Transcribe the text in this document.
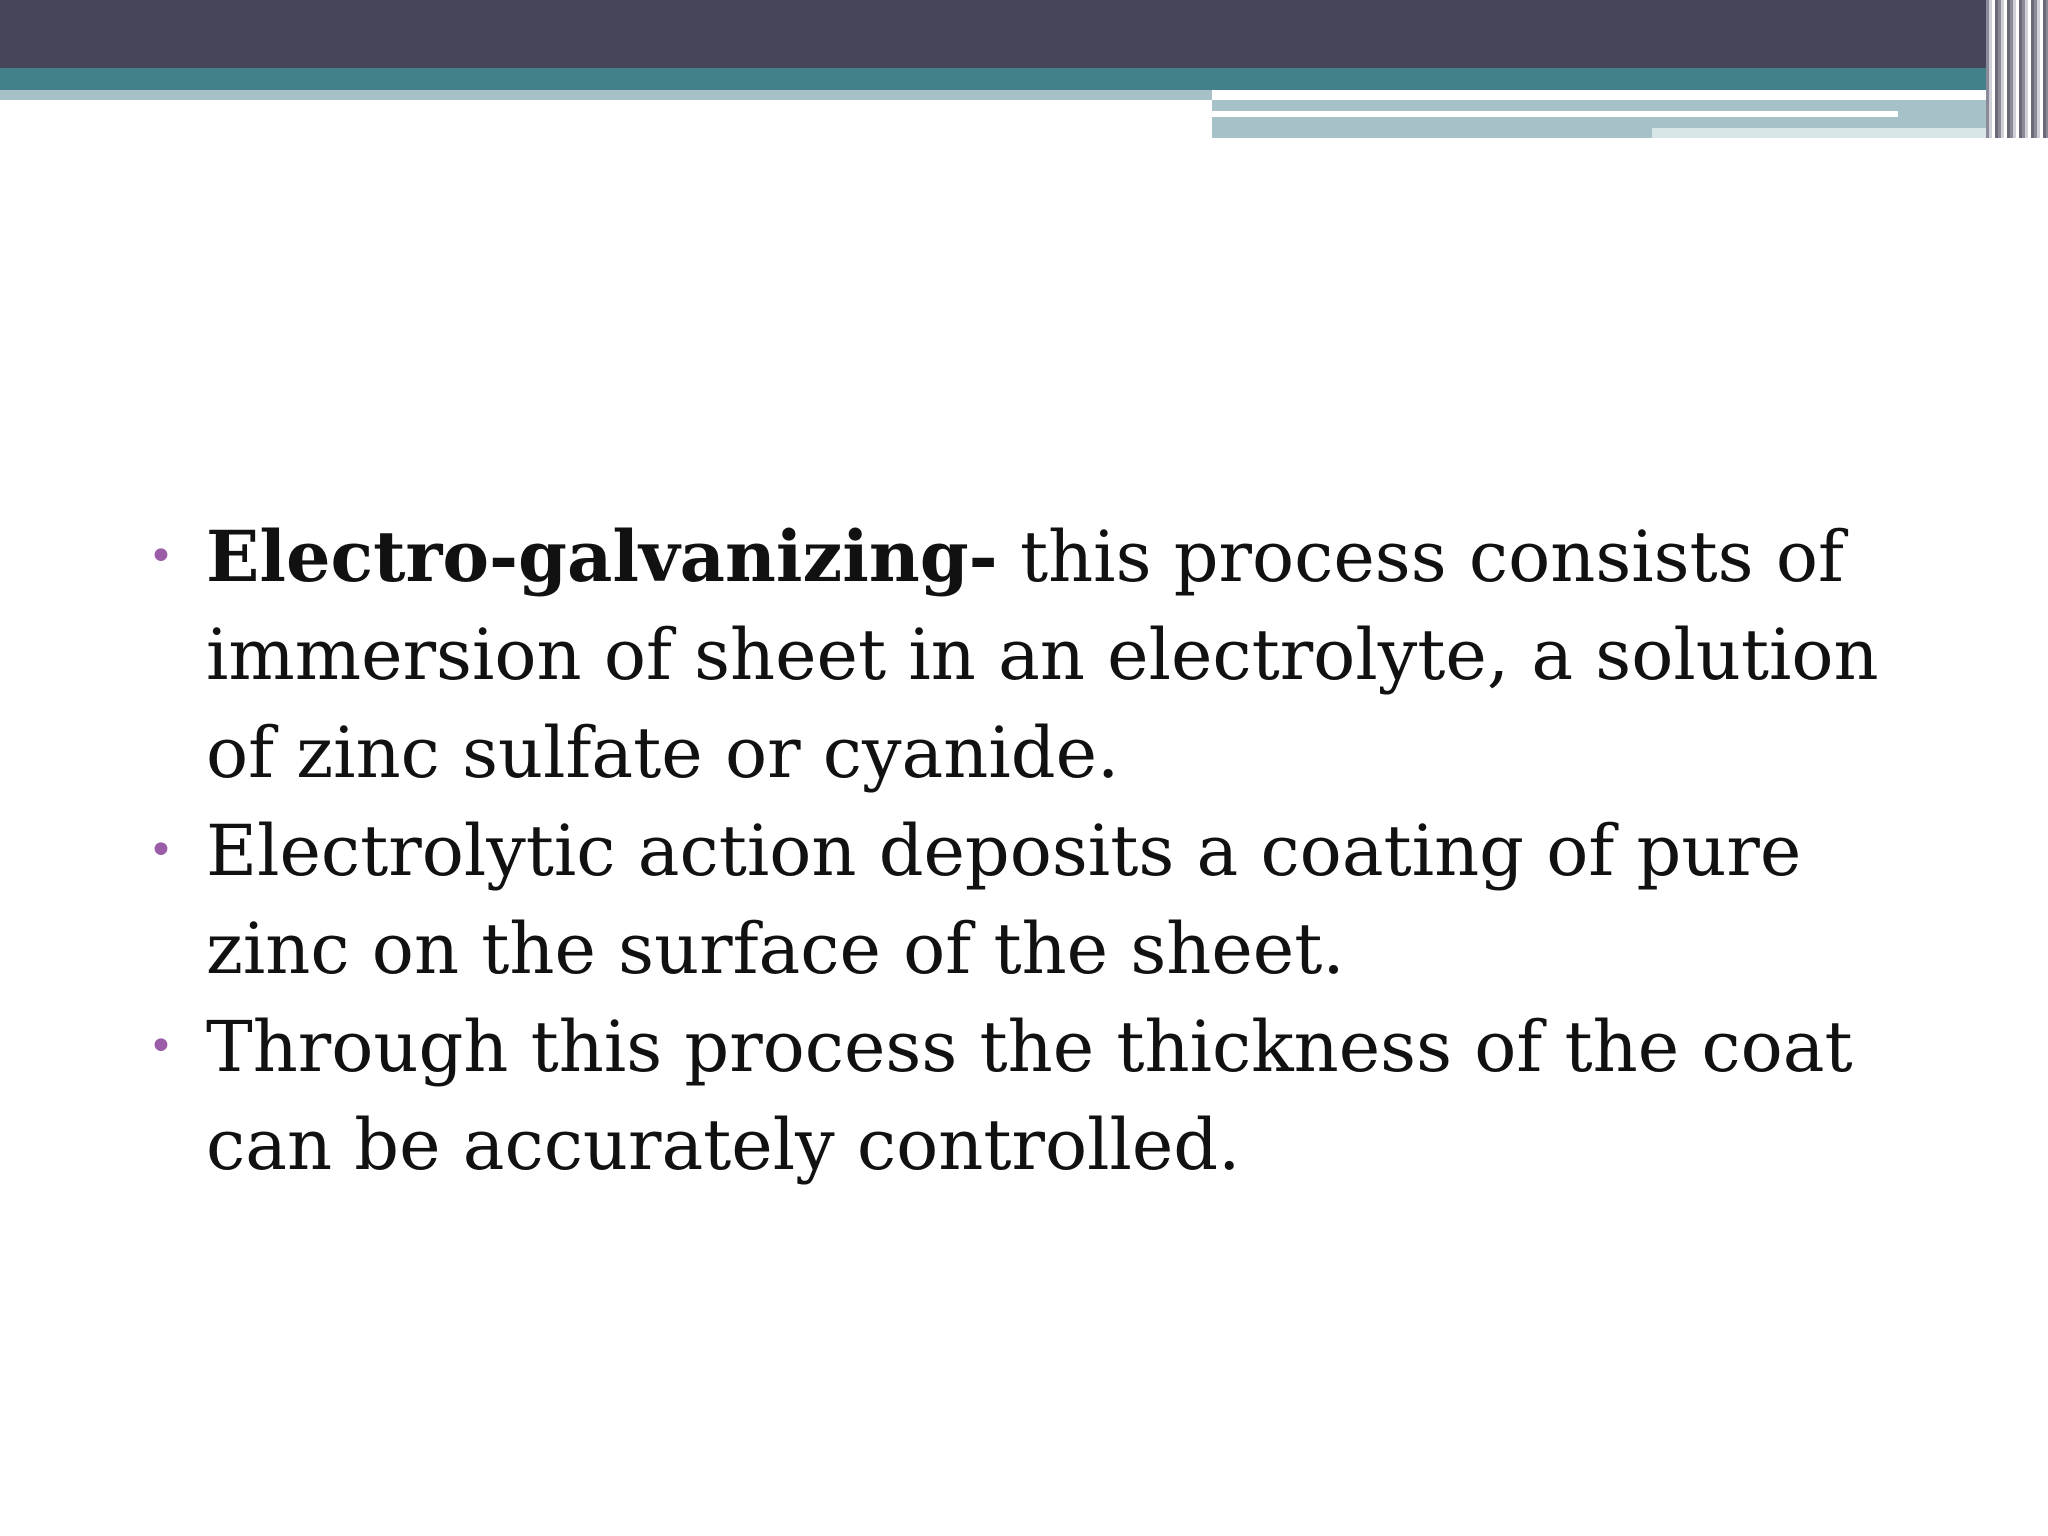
• Electro-galvanizing- this process consists of immersion of sheet in an electrolyte, a solution of zinc sulfate or cyanide.
• Electrolytic action deposits a coating of pure zinc on the surface of the sheet.
• Through this process the thickness of the coat can be accurately controlled.
